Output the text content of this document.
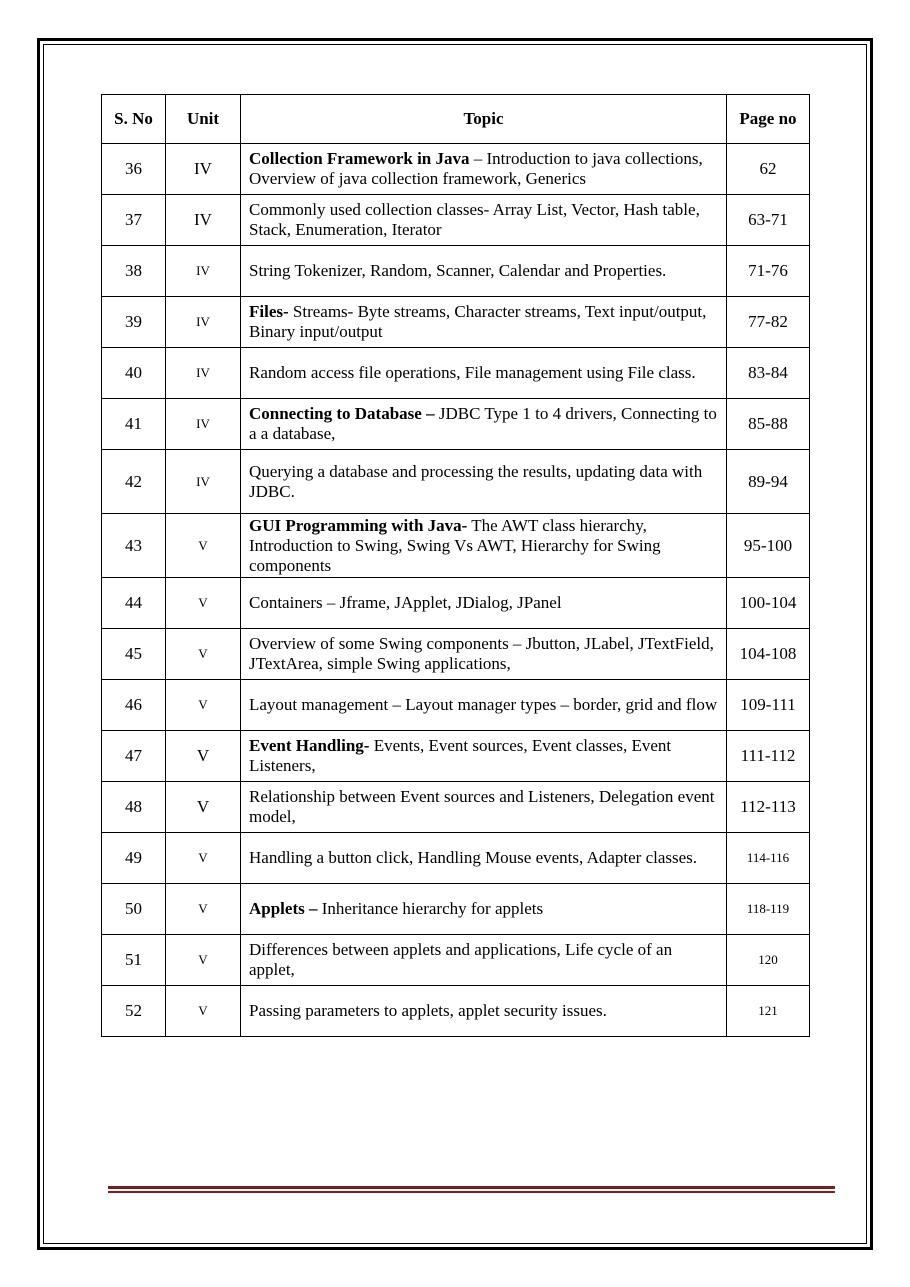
S. No	Unit	Topic	Page no
36	IV	Collection Framework in Java – Introduction to java collections, Overview of java collection framework, Generics	62
37	IV	Commonly used collection classes- Array List, Vector, Hash table, Stack, Enumeration, Iterator	63-71
38	IV	String Tokenizer, Random, Scanner, Calendar and Properties.	71-76
39	IV	Files- Streams- Byte streams, Character streams, Text input/output, Binary input/output	77-82
40	IV	Random access file operations, File management using File class.	83-84
41	IV	Connecting to Database – JDBC Type 1 to 4 drivers, Connecting to a a database,	85-88
42	IV	Querying a database and processing the results, updating data with JDBC.	89-94
43	V	GUI Programming with Java- The AWT class hierarchy, Introduction to Swing, Swing Vs AWT, Hierarchy for Swing components	95-100
44	V	Containers – Jframe, JApplet, JDialog, JPanel	100-104
45	V	Overview of some Swing components – Jbutton, JLabel, JTextField, JTextArea, simple Swing applications,	104-108
46	V	Layout management – Layout manager types – border, grid and flow	109-111
47	V	Event Handling- Events, Event sources, Event classes, Event Listeners,	111-112
48	V	Relationship between Event sources and Listeners, Delegation event model,	112-113
49	V	Handling a button click, Handling Mouse events, Adapter classes.	114-116
50	V	Applets – Inheritance hierarchy for applets	118-119
51	V	Differences between applets and applications, Life cycle of an applet,	120
52	V	Passing parameters to applets, applet security issues.	121
